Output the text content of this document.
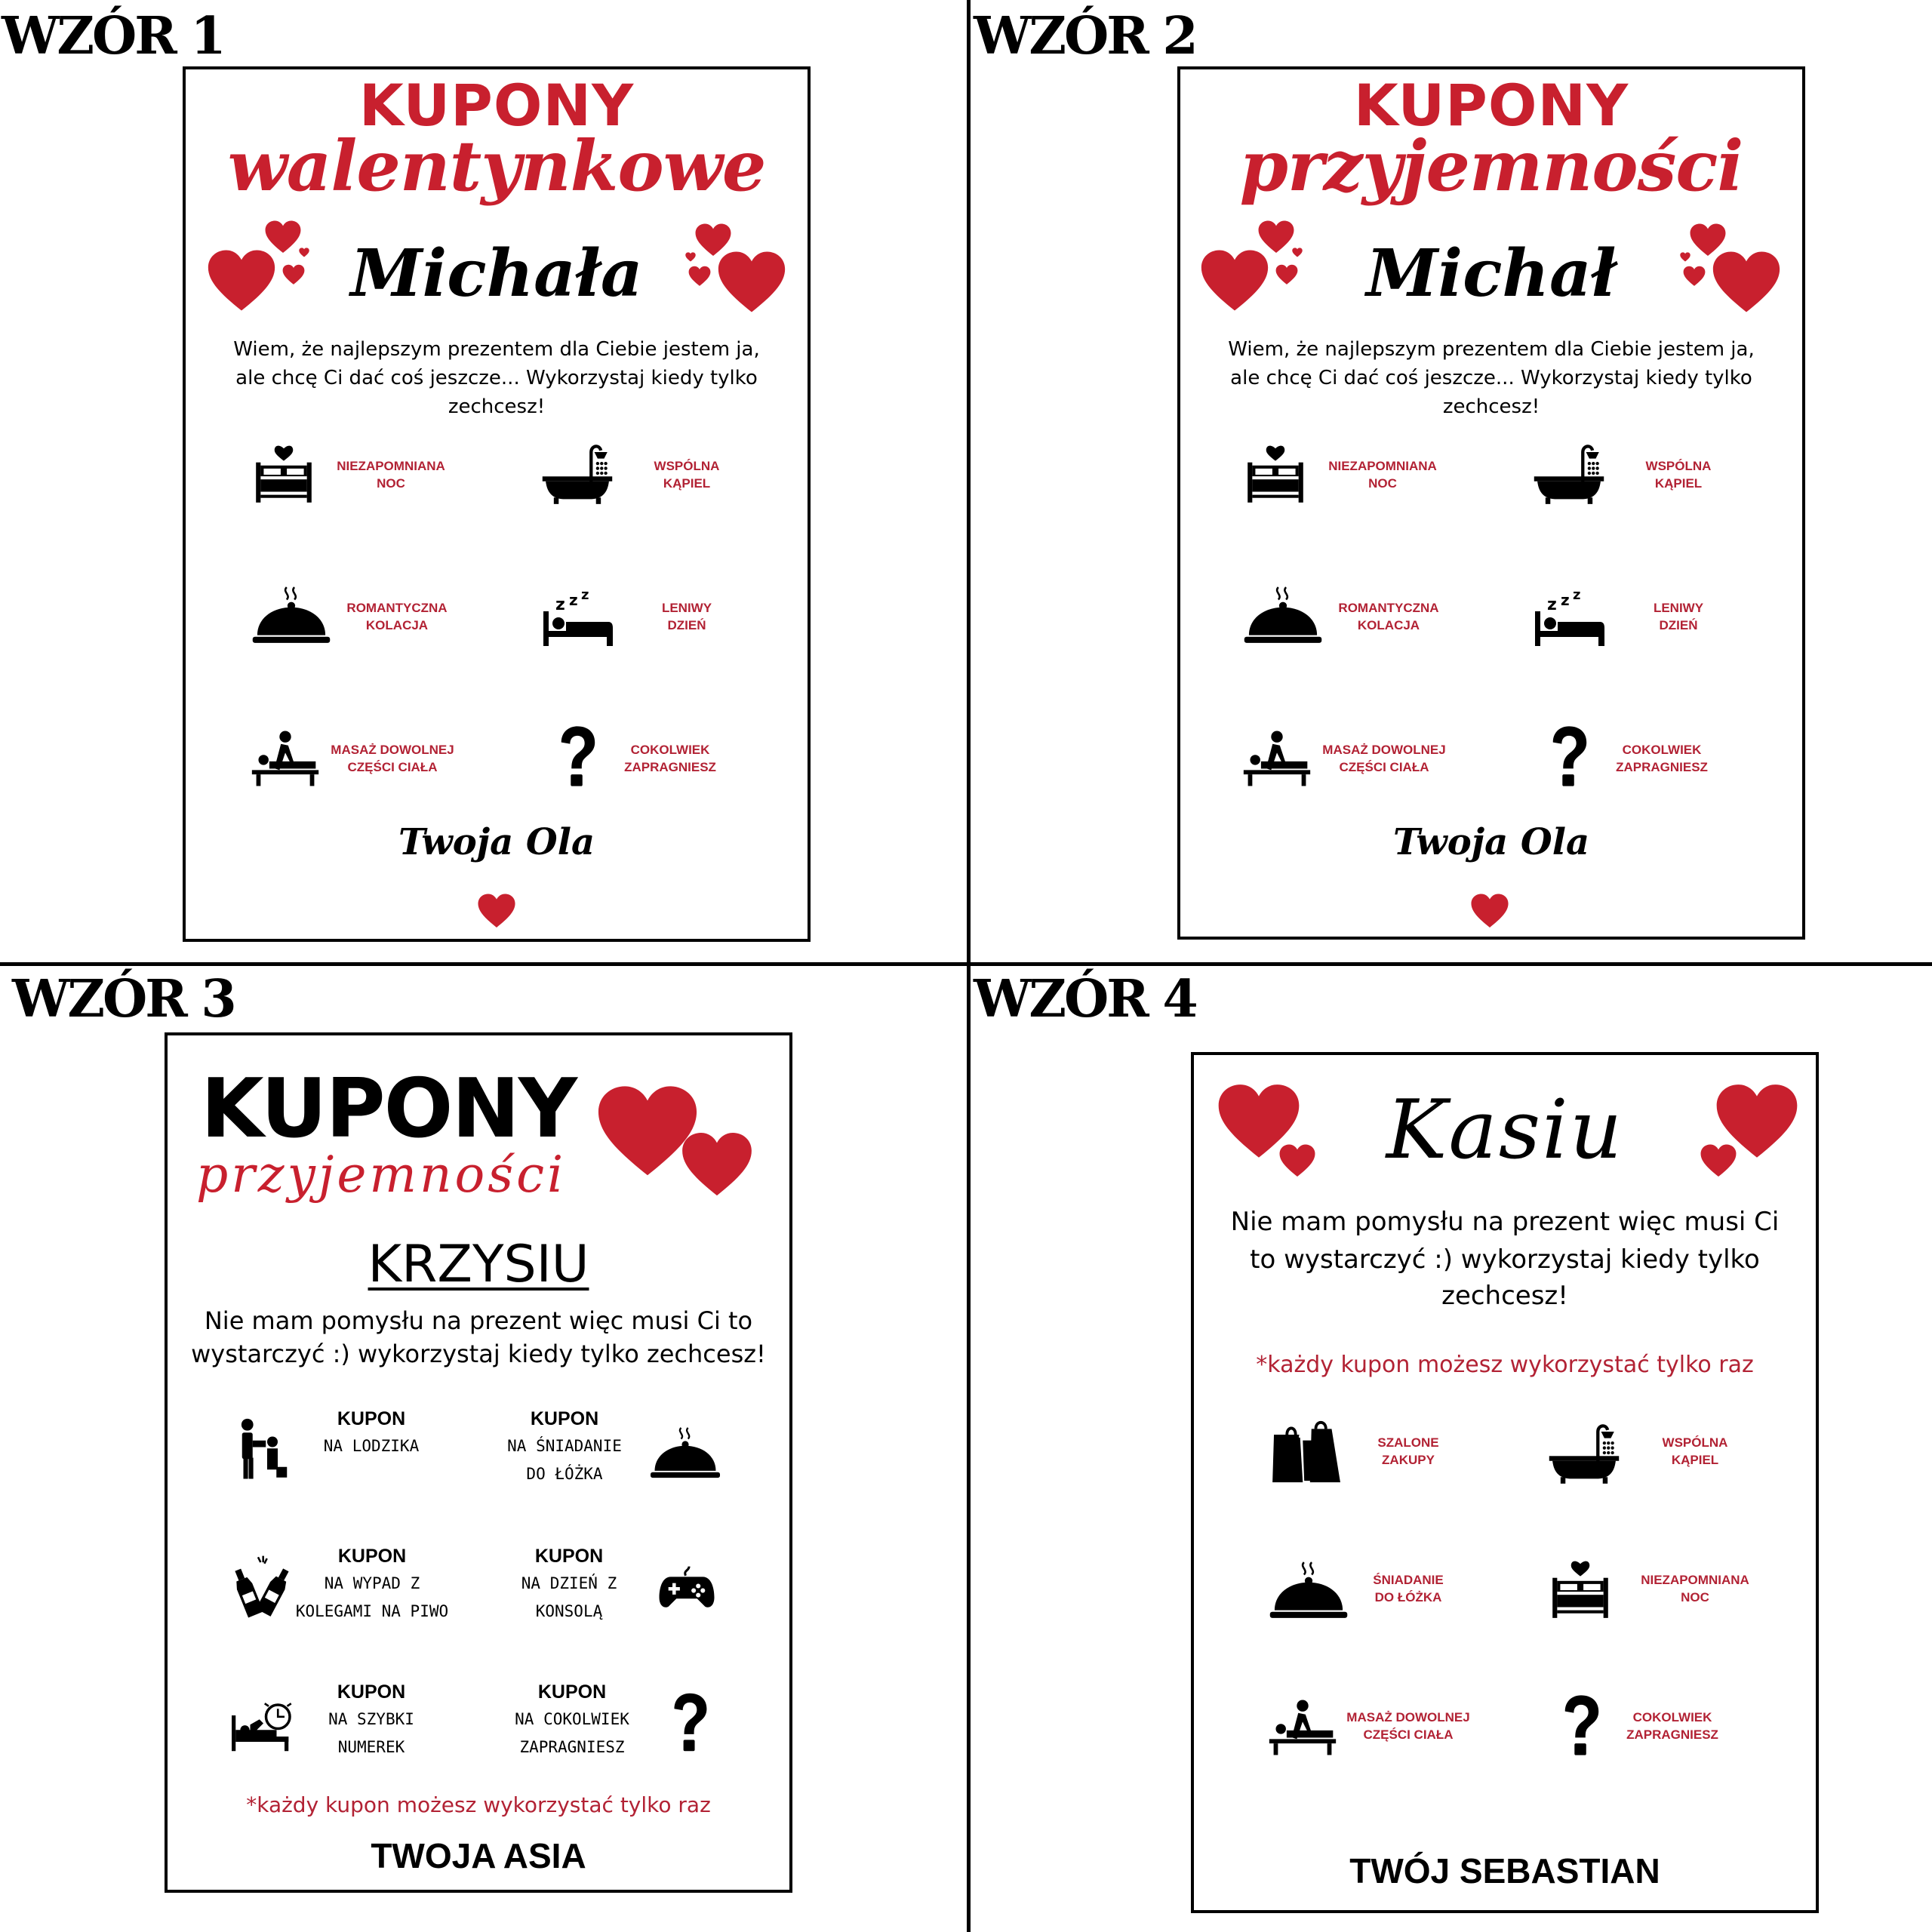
WZÓR 1	WZÓR 2
WZÓR 3	WZÓR 4
KUPONY
walentynkowe
Michała
Wiem, że najlepszym prezentem dla Ciebie jestem ja,
ale chcę Ci dać coś jeszcze... Wykorzystaj kiedy tylko zechcesz!
NIEZAPOMNIANA
NOC
WSPÓLNA
KĄPIEL
ROMANTYCZNA
KOLACJA
LENIWY
DZIEŃ
MASAŻ DOWOLNEJ
CZĘŚCI CIAŁA
COKOLWIEK
ZAPRAGNIESZ
Twoja Ola
KUPONY
przyjemności
Michał
Wiem, że najlepszym prezentem dla Ciebie jestem ja,
ale chcę Ci dać coś jeszcze... Wykorzystaj kiedy tylko zechcesz!
NIEZAPOMNIANA
NOC
WSPÓLNA
KĄPIEL
ROMANTYCZNA
KOLACJA
LENIWY
DZIEŃ
MASAŻ DOWOLNEJ
CZĘŚCI CIAŁA
COKOLWIEK
ZAPRAGNIESZ
Twoja Ola
KUPONY
przyjemności
KRZYSIU
Nie mam pomysłu na prezent więc musi Ci to
wystarczyć :) wykorzystaj kiedy tylko zechcesz!
KUPON
NA LODZIKA
KUPON
NA ŚNIADANIE
DO ŁÓŻKA
KUPON
NA WYPAD Z
KOLEGAMI NA PIWO
KUPON
NA DZIEŃ Z
KONSOLĄ
KUPON
NA SZYBKI
NUMEREK
KUPON
NA COKOLWIEK
ZAPRAGNIESZ
*każdy kupon możesz wykorzystać tylko raz
TWOJA ASIA
Kasiu
Nie mam pomysłu na prezent więc musi Ci
to wystarczyć :) wykorzystaj kiedy tylko
zechcesz!
*każdy kupon możesz wykorzystać tylko raz
SZALONE
ZAKUPY
WSPÓLNA
KĄPIEL
ŚNIADANIE
DO ŁÓŻKA
NIEZAPOMNIANA
NOC
MASAŻ DOWOLNEJ
CZĘŚCI CIAŁA
COKOLWIEK
ZAPRAGNIESZ
TWÓJ SEBASTIAN
